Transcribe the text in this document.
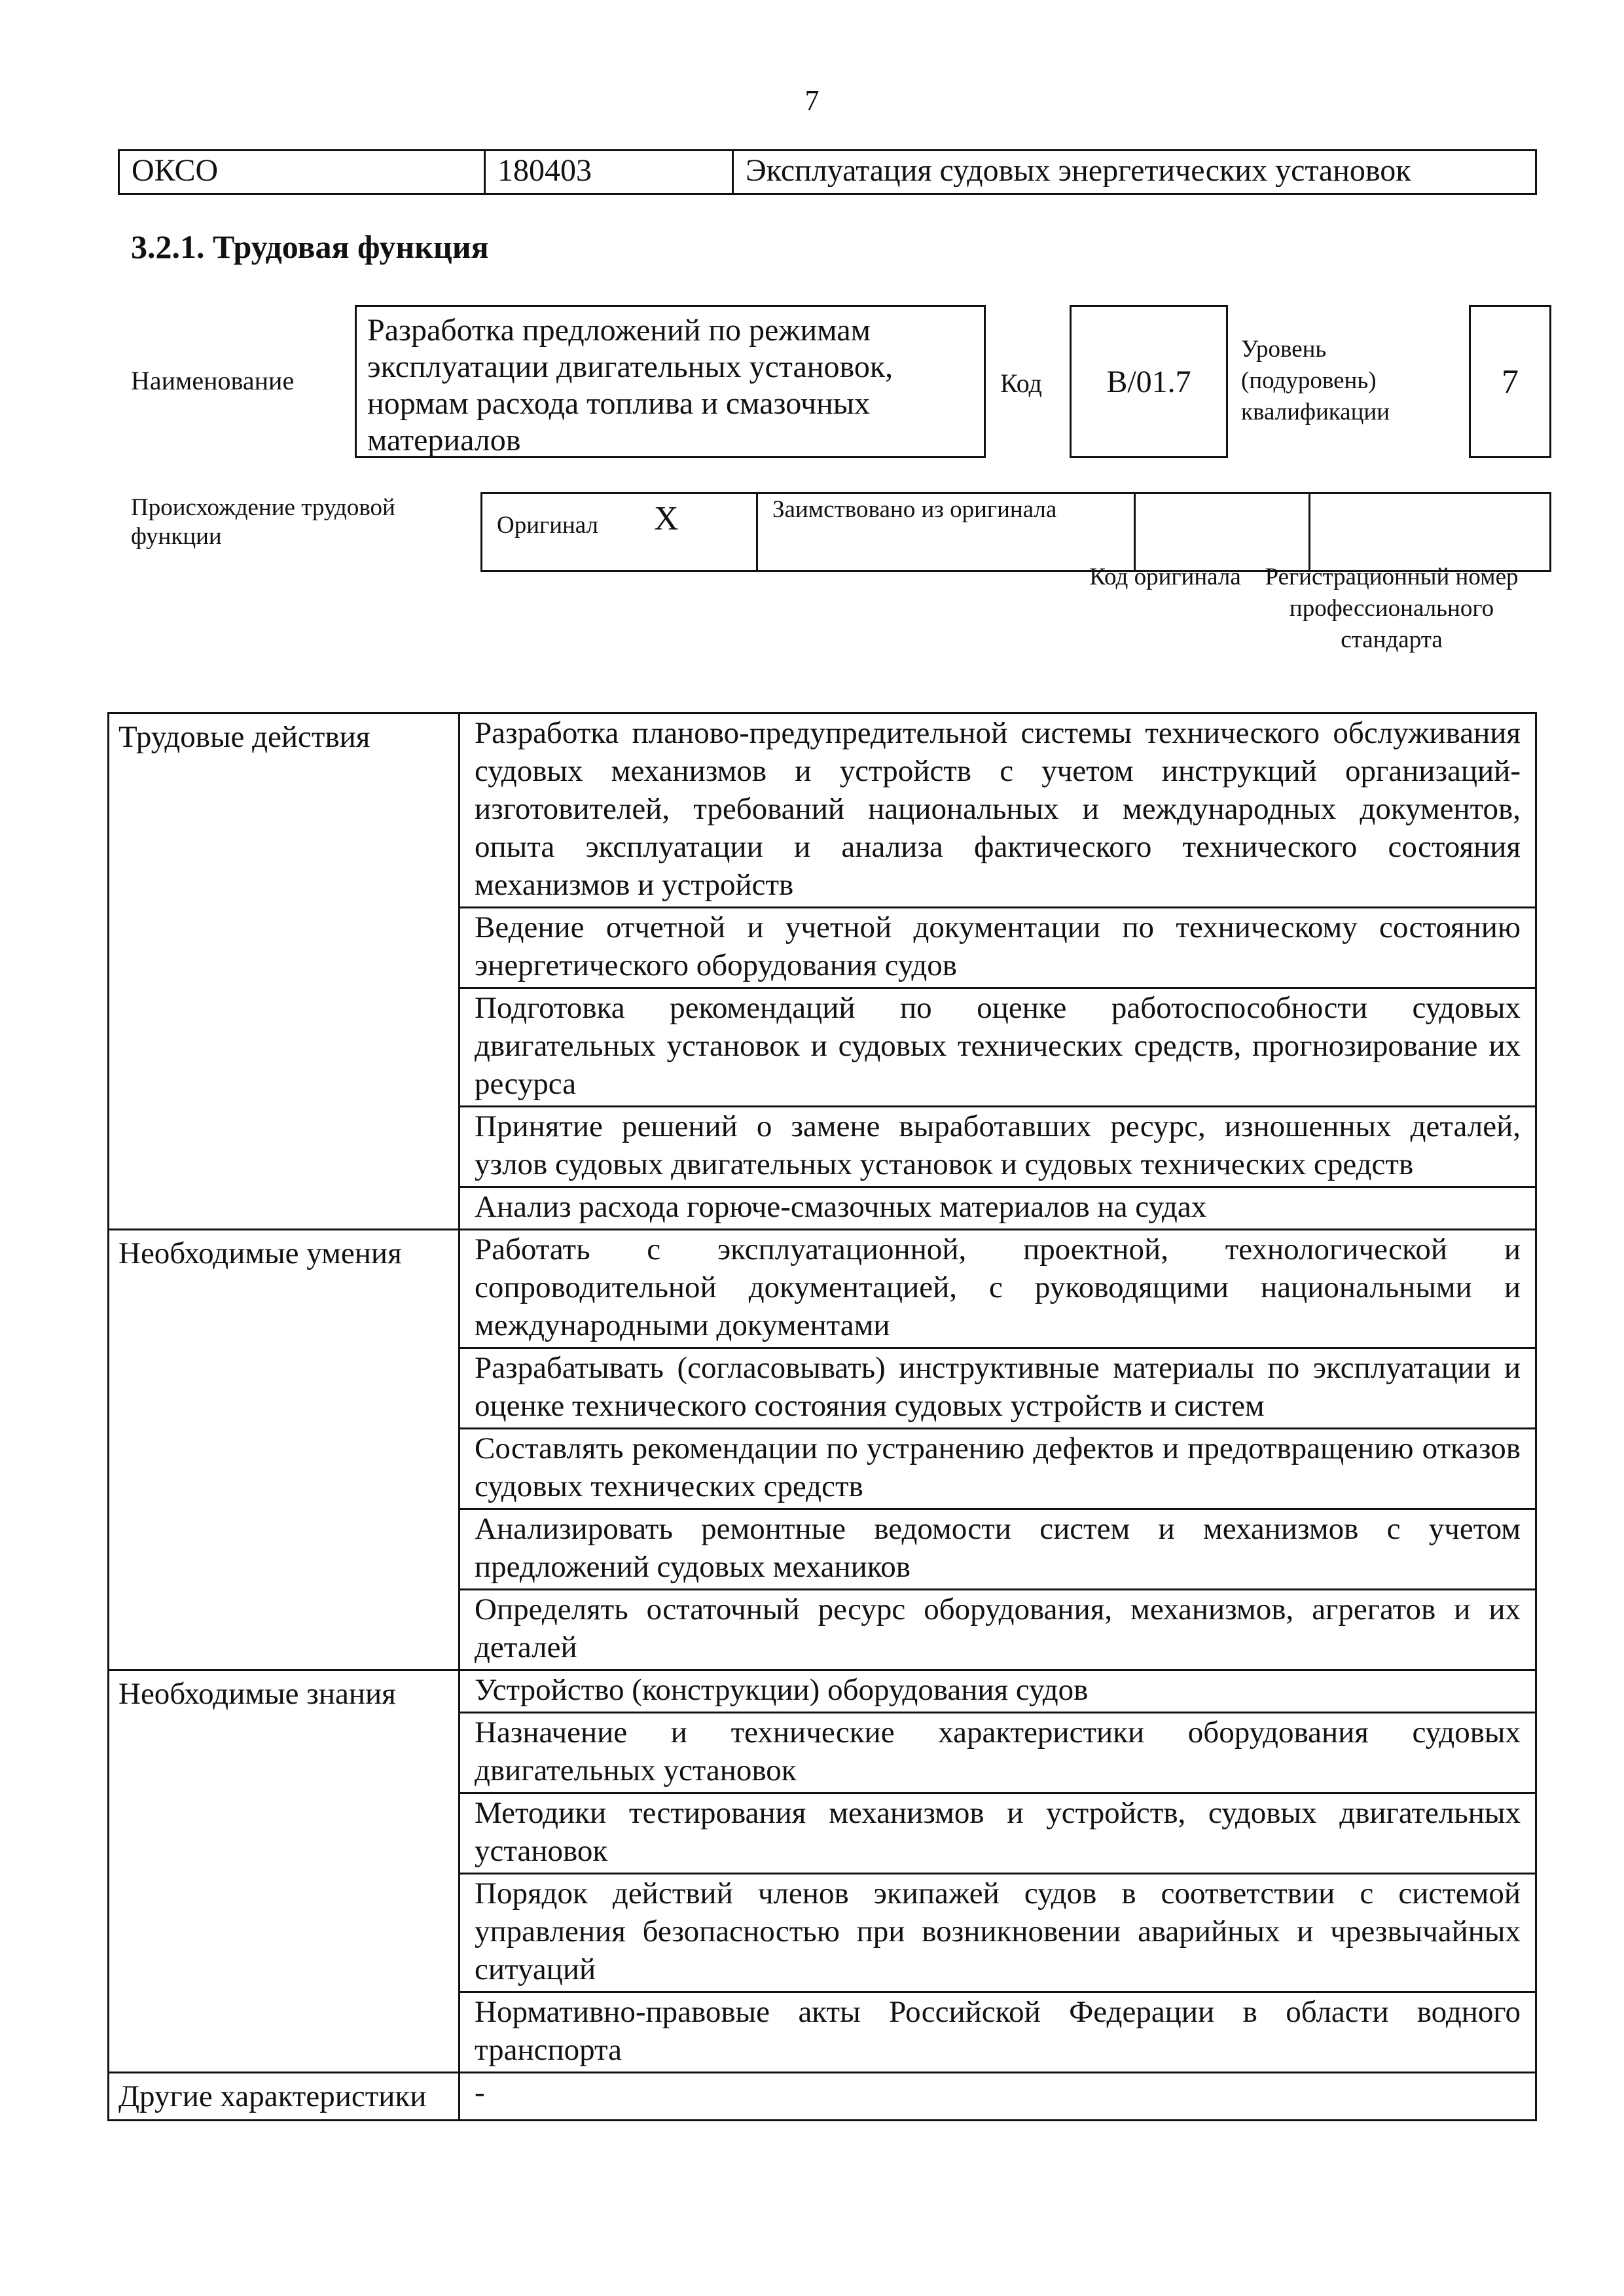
7
ОКСО	180403	Эксплуатация судовых энергетических установок
3.2.1. Трудовая функция
Наименование
Разработка предложений по режимам эксплуатации двигательных установок, нормам расхода топлива и смазочных материалов
Код	B/01.7
Уровень (подуровень) квалификации
7
Происхождение трудовой функции	Оригинал X	Заимствовано из оригинала		
Код оригинала Регистрационный номер профессионального стандарта
Трудовые действия	Разработка планово-предупредительной системы технического обслуживания судовых механизмов и устройств с учетом инструкций организаций-изготовителей, требований национальных и международных документов, опыта эксплуатации и анализа фактического технического состояния механизмов и устройств
	Ведение отчетной и учетной документации по техническому состоянию энергетического оборудования судов
	Подготовка рекомендаций по оценке работоспособности судовых двигательных установок и судовых технических средств, прогнозирование их ресурса
	Принятие решений о замене выработавших ресурс, изношенных деталей, узлов судовых двигательных установок и судовых технических средств
	Анализ расхода горюче-смазочных материалов на судах
Необходимые умения	Работать с эксплуатационной, проектной, технологической и сопроводительной документацией, с руководящими национальными и международными документами
	Разрабатывать (согласовывать) инструктивные материалы по эксплуатации и оценке технического состояния судовых устройств и систем
	Составлять рекомендации по устранению дефектов и предотвращению отказов судовых технических средств
	Анализировать ремонтные ведомости систем и механизмов с учетом предложений судовых механиков
	Определять остаточный ресурс оборудования, механизмов, агрегатов и их деталей
Необходимые знания	Устройство (конструкции) оборудования судов
	Назначение и технические характеристики оборудования судовых двигательных установок
	Методики тестирования механизмов и устройств, судовых двигательных установок
	Порядок действий членов экипажей судов в соответствии с системой управления безопасностью при возникновении аварийных и чрезвычайных ситуаций
	Нормативно-правовые акты Российской Федерации в области водного транспорта
Другие характеристики	-
